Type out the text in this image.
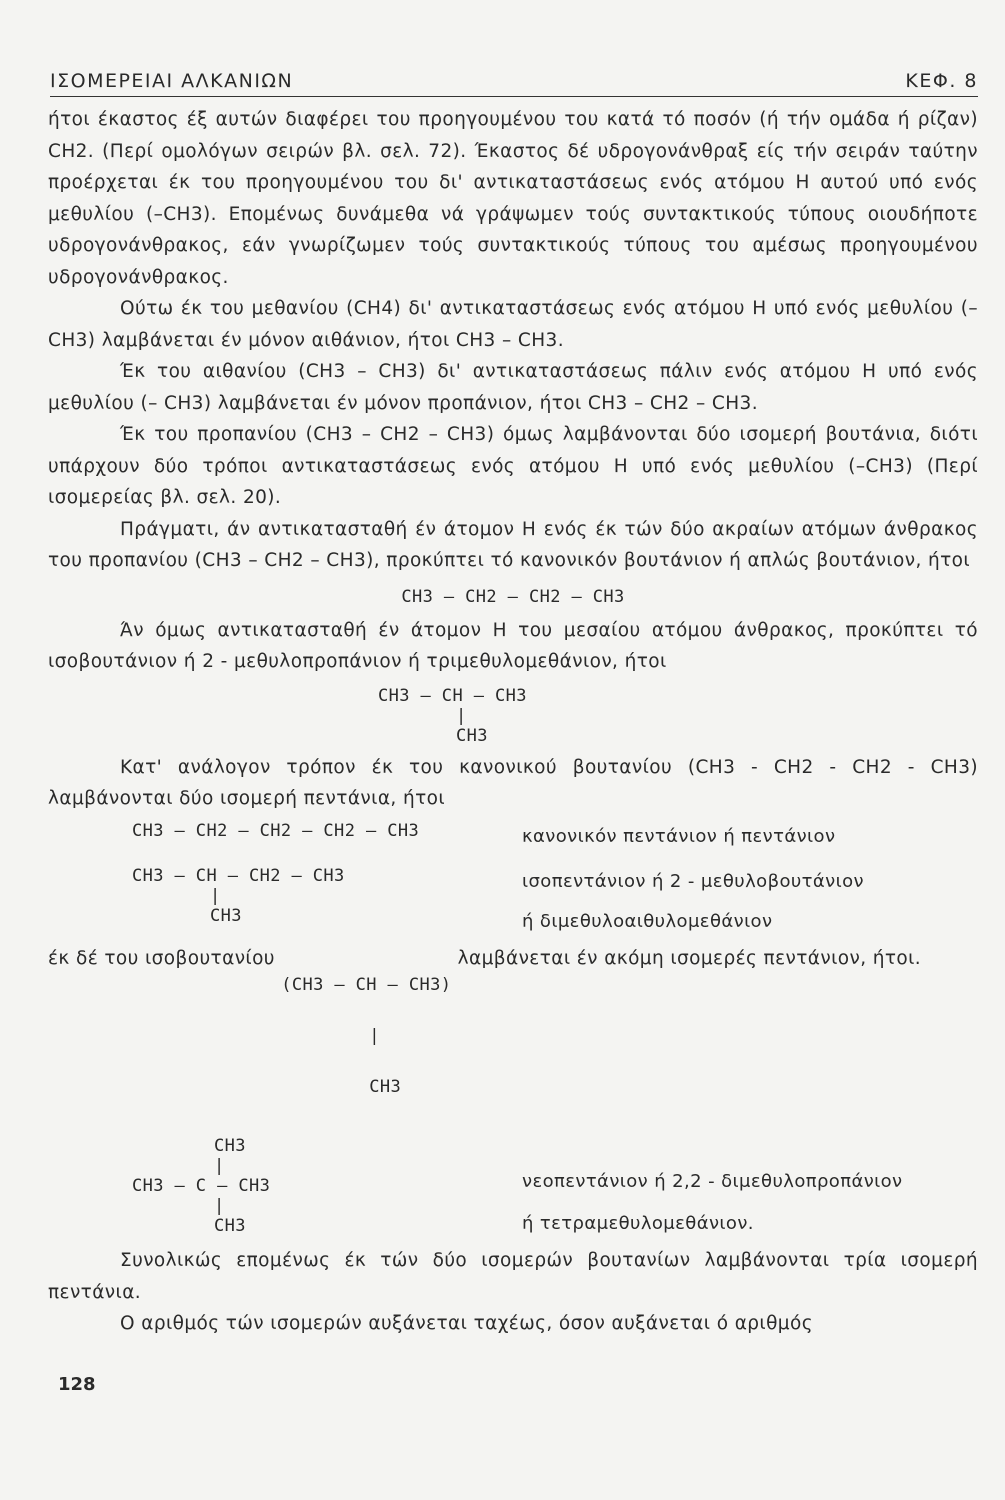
ΙΣΟΜΕΡΕΙΑΙ ΑΛΚΑΝΙΩΝ	ΚΕΦ. 8

ήτοι έκαστος έξ αυτών διαφέρει του προηγουμένου του κατά τό ποσόν (ή τήν ομάδα ή ρίζαν) CH2. (Περί ομολόγων σειρών βλ. σελ. 72). Έκαστος δέ υδρογονάνθραξ είς τήν σειράν ταύτην προέρχεται έκ του προηγουμένου του δι' αντικαταστάσεως ενός ατόμου Η αυτού υπό ενός μεθυλίου (–CH3). Επομένως δυνάμεθα νά γράψωμεν τούς συντακτικούς τύπους οιουδήποτε υδρογονάνθρακος, εάν γνωρίζωμεν τούς συντακτικούς τύπους του αμέσως προηγουμένου υδρογονάνθρακος.

Ούτω έκ του μεθανίου (CH4) δι' αντικαταστάσεως ενός ατόμου Η υπό ενός μεθυλίου (– CH3) λαμβάνεται έν μόνον αιθάνιον, ήτοι CH3 – CH3.

Έκ του αιθανίου (CH3 – CH3) δι' αντικαταστάσεως πάλιν ενός ατόμου Η υπό ενός μεθυλίου (– CH3) λαμβάνεται έν μόνον προπάνιον, ήτοι CH3 – CH2 – CH3.

Έκ του προπανίου (CH3 – CH2 – CH3) όμως λαμβάνονται δύο ισομερή βουτάνια, διότι υπάρχουν δύο τρόποι αντικαταστάσεως ενός ατόμου Η υπό ενός μεθυλίου (–CH3) (Περί ισομερείας βλ. σελ. 20).

Πράγματι, άν αντικατασταθή έν άτομον Η ενός έκ τών δύο ακραίων ατόμων άνθρακος του προπανίου (CH3 – CH2 – CH3), προκύπτει τό κανονικόν βουτάνιον ή απλώς βουτάνιον, ήτοι

CH3 – CH2 – CH2 – CH3

Άν όμως αντικατασταθή έν άτομον Η του μεσαίου ατόμου άνθρακος, προκύπτει τό ισοβουτάνιον ή 2 - μεθυλοπροπάνιον ή τριμεθυλομεθάνιον, ήτοι

CH3 – CH – CH3
|
CH3

Κατ' ανάλογον τρόπον έκ του κανονικού βουτανίου (CH3 - CH2 - CH2 - CH3) λαμβάνονται δύο ισομερή πεντάνια, ήτοι

CH3 – CH2 – CH2 – CH2 – CH3	κανονικόν πεντάνιον ή πεντάνιον
CH3 – CH – CH2 – CH3
|
CH3
ισοπεντάνιον ή 2 - μεθυλοβουτάνιον
ή διμεθυλοαιθυλομεθάνιον

έκ δέ του ισοβουτανίου

(CH3 – CH – CH3)

|

CH3

λαμβάνεται έν ακόμη ισομερές πεντάνιον, ήτοι.

CH3
|
CH3 – C – CH3
|
CH3
νεοπεντάνιον ή 2,2 - διμεθυλοπροπάνιον
ή τετραμεθυλομεθάνιον.

Συνολικώς επομένως έκ τών δύο ισομερών βουτανίων λαμβάνονται τρία ισομερή πεντάνια.

Ο αριθμός τών ισομερών αυξάνεται ταχέως, όσον αυξάνεται ό αριθμός

128
